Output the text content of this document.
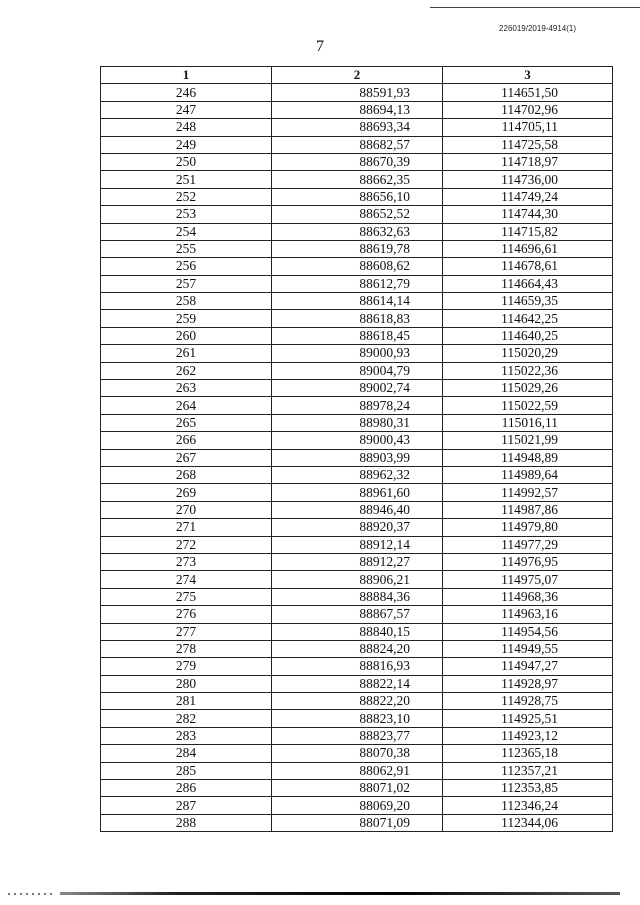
226019/2019-4914(1)
7
1	2	3
246	88591,93	114651,50
247	88694,13	114702,96
248	88693,34	114705,11
249	88682,57	114725,58
250	88670,39	114718,97
251	88662,35	114736,00
252	88656,10	114749,24
253	88652,52	114744,30
254	88632,63	114715,82
255	88619,78	114696,61
256	88608,62	114678,61
257	88612,79	114664,43
258	88614,14	114659,35
259	88618,83	114642,25
260	88618,45	114640,25
261	89000,93	115020,29
262	89004,79	115022,36
263	89002,74	115029,26
264	88978,24	115022,59
265	88980,31	115016,11
266	89000,43	115021,99
267	88903,99	114948,89
268	88962,32	114989,64
269	88961,60	114992,57
270	88946,40	114987,86
271	88920,37	114979,80
272	88912,14	114977,29
273	88912,27	114976,95
274	88906,21	114975,07
275	88884,36	114968,36
276	88867,57	114963,16
277	88840,15	114954,56
278	88824,20	114949,55
279	88816,93	114947,27
280	88822,14	114928,97
281	88822,20	114928,75
282	88823,10	114925,51
283	88823,77	114923,12
284	88070,38	112365,18
285	88062,91	112357,21
286	88071,02	112353,85
287	88069,20	112346,24
288	88071,09	112344,06
